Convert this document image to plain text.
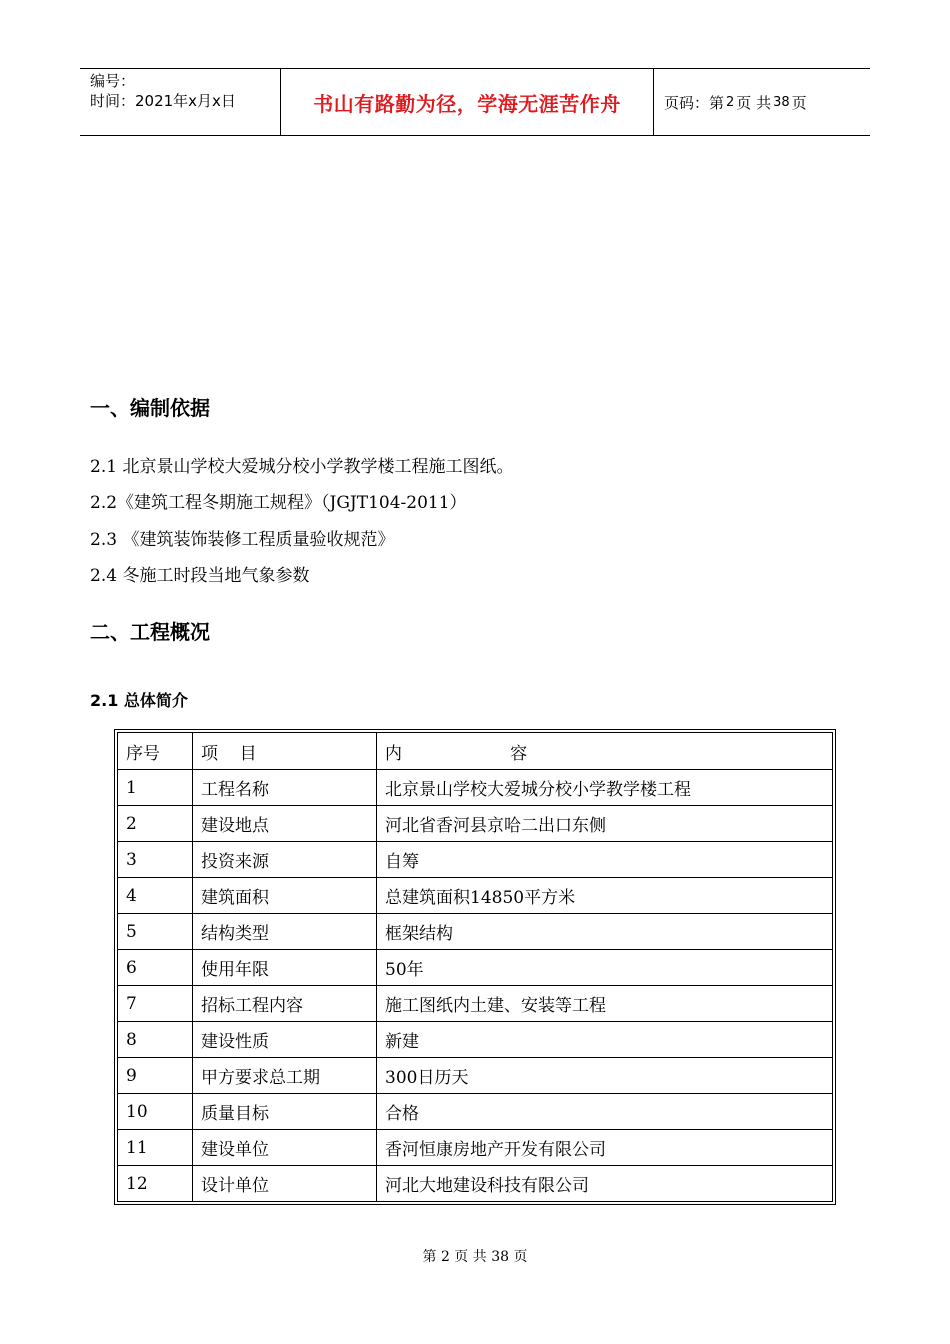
编号：
时间：2021年x月x日	书山有路勤为径，学海无涯苦作舟	页码：第 2 页 共 38 页
一、编制依据
2.1 北京景山学校大爱城分校小学教学楼工程施工图纸。
2.2《建筑工程冬期施工规程》（JGJT104-2011）
2.3 《建筑装饰装修工程质量验收规范》
2.4 冬施工时段当地气象参数
二、工程概况
2.1 总体简介
序号	项    目	内                    容
1	工程名称	北京景山学校大爱城分校小学教学楼工程
2	建设地点	河北省香河县京哈二出口东侧
3	投资来源	自筹
4	建筑面积	总建筑面积14850平方米
5	结构类型	框架结构
6	使用年限	50年
7	招标工程内容	施工图纸内土建、安装等工程
8	建设性质	新建
9	甲方要求总工期	300日历天
10	质量目标	合格
11	建设单位	香河恒康房地产开发有限公司
12	设计单位	河北大地建设科技有限公司
第 2 页 共 38 页
